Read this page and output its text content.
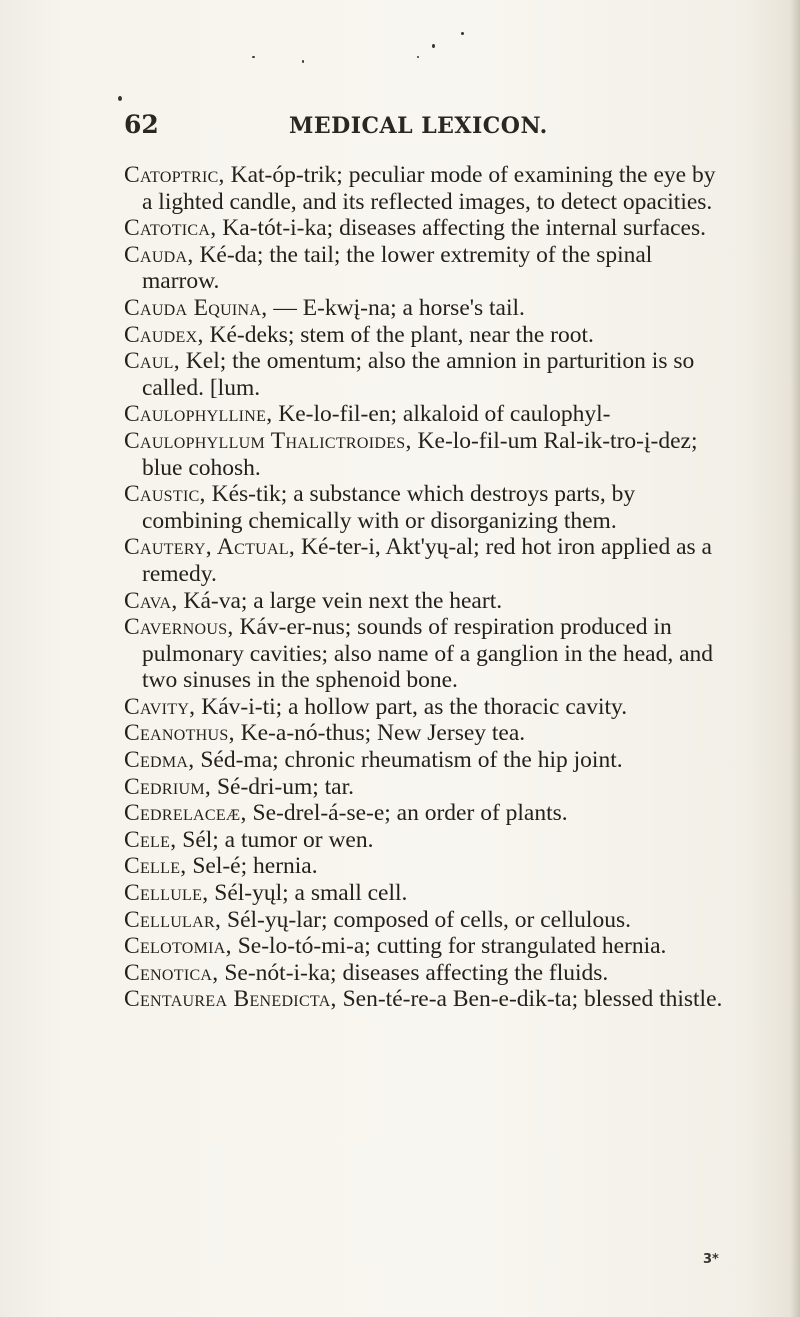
62	MEDICAL LEXICON.

Catoptric, Kat-óp-trik; peculiar mode of examining the eye by a lighted candle, and its reflected images, to detect opacities.

Catotica, Ka-tót-i-ka; diseases affecting the internal surfaces.

Cauda, Ké-da; the tail; the lower extremity of the spinal marrow.

Cauda Equina, — E-kwį-na; a horse's tail.

Caudex, Ké-deks; stem of the plant, near the root.

Caul, Kel; the omentum; also the amnion in parturition is so called. [lum.

Caulophylline, Ke-lo-fil-en; alkaloid of caulophyl-

Caulophyllum Thalictroides, Ke-lo-fil-um Ral-ik-tro-į-dez; blue cohosh.

Caustic, Kés-tik; a substance which destroys parts, by combining chemically with or disorganizing them.

Cautery, Actual, Ké-ter-i, Akt'yų-al; red hot iron applied as a remedy.

Cava, Ká-va; a large vein next the heart.

Cavernous, Káv-er-nus; sounds of respiration produced in pulmonary cavities; also name of a ganglion in the head, and two sinuses in the sphenoid bone.

Cavity, Káv-i-ti; a hollow part, as the thoracic cavity.

Ceanothus, Ke-a-nó-thus; New Jersey tea.

Cedma, Séd-ma; chronic rheumatism of the hip joint.

Cedrium, Sé-dri-um; tar.

Cedrelaceæ, Se-drel-á-se-e; an order of plants.

Cele, Sél; a tumor or wen.

Celle, Sel-é; hernia.

Cellule, Sél-yųl; a small cell.

Cellular, Sél-yų-lar; composed of cells, or cellulous.

Celotomia, Se-lo-tó-mi-a; cutting for strangulated hernia.

Cenotica, Se-nót-i-ka; diseases affecting the fluids.

Centaurea Benedicta, Sen-té-re-a Ben-e-dik-ta; blessed thistle.

3*
